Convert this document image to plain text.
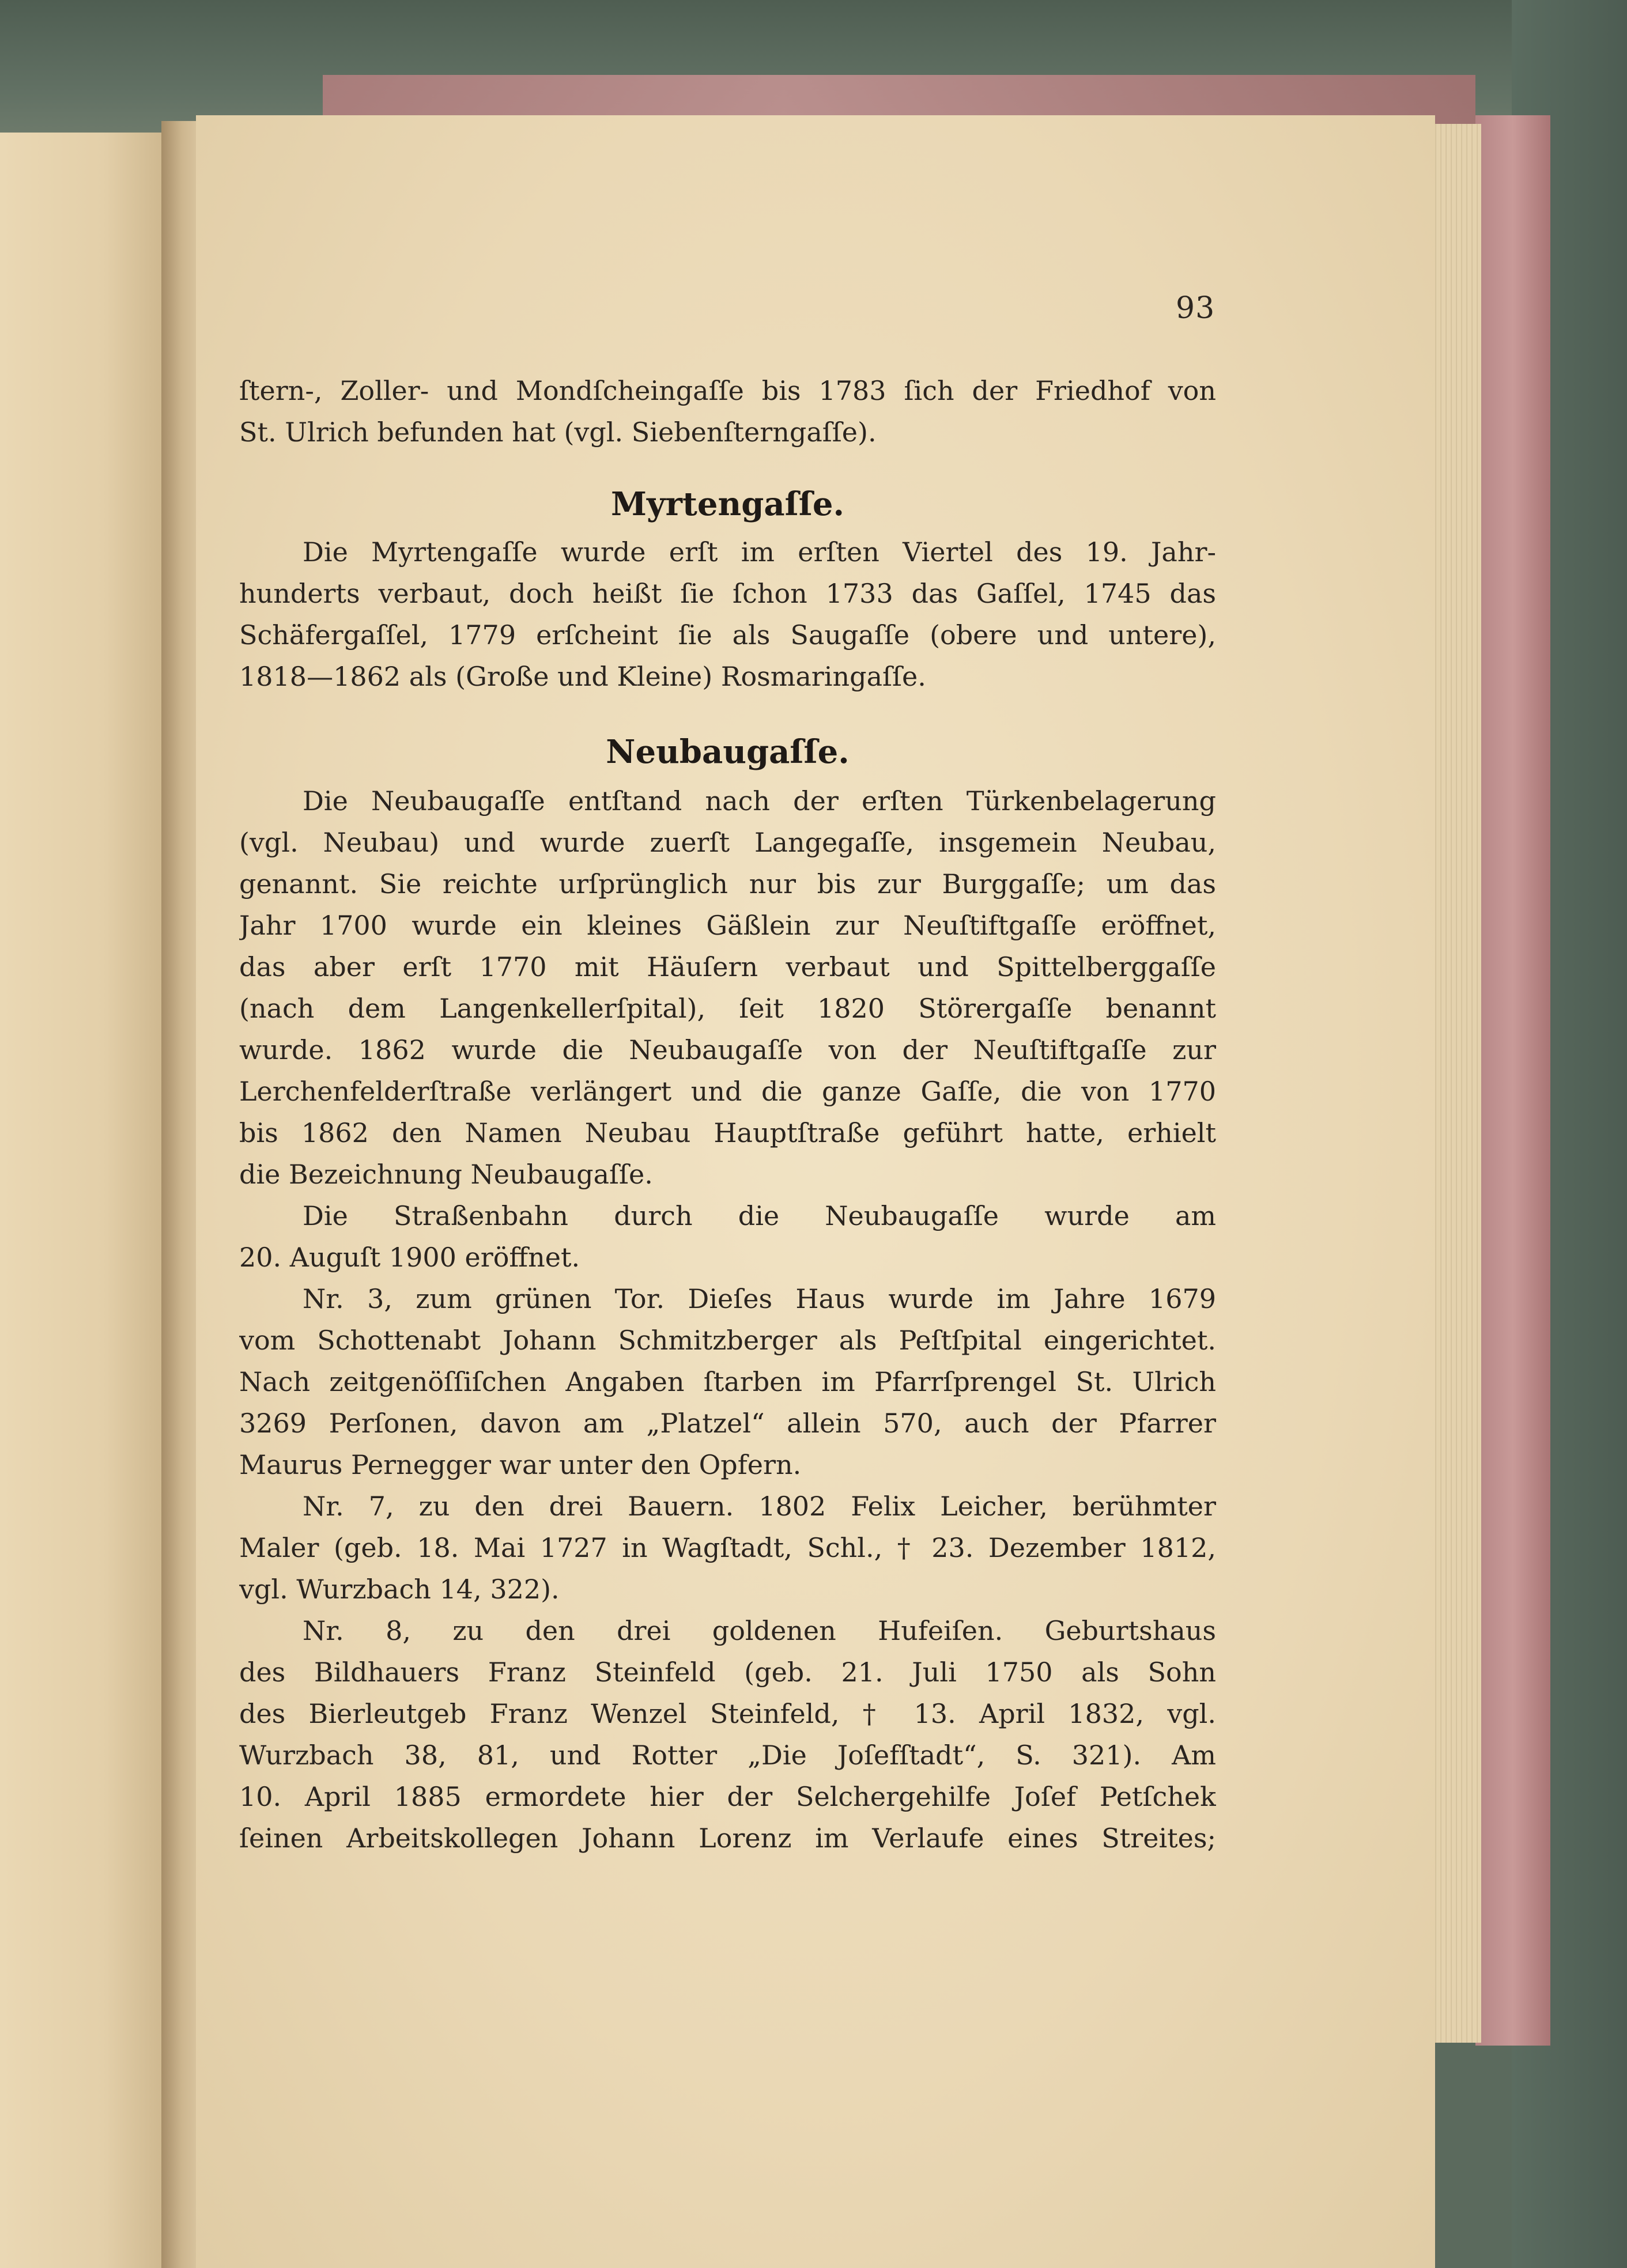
93
ſtern-, Zoller- und Mondſcheingaſſe bis 1783 ſich der Friedhof von
St. Ulrich befunden hat (vgl. Siebenſterngaſſe).
Myrtengaſſe.
Die Myrtengaſſe wurde erſt im erſten Viertel des 19. Jahr-
hunderts verbaut, doch heißt ſie ſchon 1733 das Gaſſel, 1745 das
Schäfergaſſel, 1779 erſcheint ſie als Saugaſſe (obere und untere),
1818—1862 als (Große und Kleine) Rosmaringaſſe.
Neubaugaſſe.
Die Neubaugaſſe entſtand nach der erſten Türkenbelagerung
(vgl. Neubau) und wurde zuerſt Langegaſſe, insgemein Neubau,
genannt. Sie reichte urſprünglich nur bis zur Burggaſſe; um das
Jahr 1700 wurde ein kleines Gäßlein zur Neuſtiftgaſſe eröffnet,
das aber erſt 1770 mit Häuſern verbaut und Spittelberggaſſe
(nach dem Langenkellerſpital), ſeit 1820 Störergaſſe benannt
wurde. 1862 wurde die Neubaugaſſe von der Neuſtiftgaſſe zur
Lerchenfelderſtraße verlängert und die ganze Gaſſe, die von 1770
bis 1862 den Namen Neubau Hauptſtraße geführt hatte, erhielt
die Bezeichnung Neubaugaſſe.
Die Straßenbahn durch die Neubaugaſſe wurde am
20. Auguſt 1900 eröffnet.
Nr. 3, zum grünen Tor. Dieſes Haus wurde im Jahre 1679
vom Schottenabt Johann Schmitzberger als Peſtſpital eingerichtet.
Nach zeitgenöſſiſchen Angaben ſtarben im Pfarrſprengel St. Ulrich
3269 Perſonen, davon am „Platzel“ allein 570, auch der Pfarrer
Maurus Pernegger war unter den Opfern.
Nr. 7, zu den drei Bauern. 1802 Felix Leicher, berühmter
Maler (geb. 18. Mai 1727 in Wagſtadt, Schl., † 23. Dezember 1812,
vgl. Wurzbach 14, 322).
Nr. 8, zu den drei goldenen Hufeiſen. Geburtshaus
des Bildhauers Franz Steinfeld (geb. 21. Juli 1750 als Sohn
des Bierleutgeb Franz Wenzel Steinfeld, † 13. April 1832, vgl.
Wurzbach 38, 81, und Rotter „Die Joſefſtadt“, S. 321). Am
10. April 1885 ermordete hier der Selchergehilfe Joſef Petſchek
ſeinen Arbeitskollegen Johann Lorenz im Verlaufe eines Streites;
